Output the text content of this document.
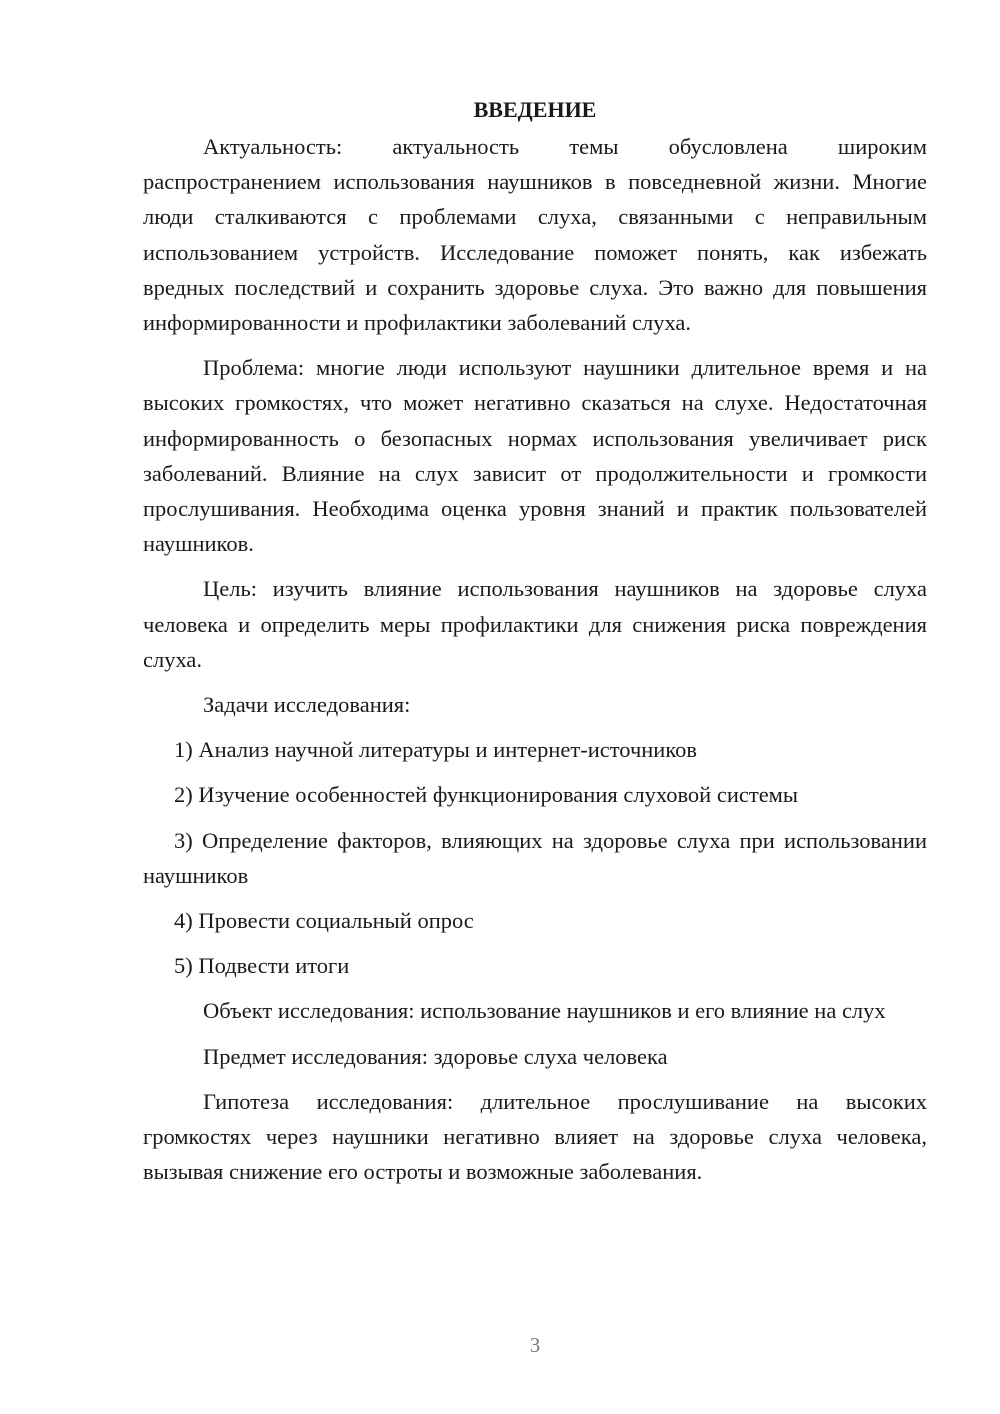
ВВЕДЕНИЕ

Актуальность: актуальность темы обусловлена широким распространением использования наушников в повседневной жизни. Многие люди сталкиваются с проблемами слуха, связанными с неправильным использованием устройств. Исследование поможет понять, как избежать вредных последствий и сохранить здоровье слуха. Это важно для повышения информированности и профилактики заболеваний слуха.

Проблема: многие люди используют наушники длительное время и на высоких громкостях, что может негативно сказаться на слухе. Недостаточная информированность о безопасных нормах использования увеличивает риск заболеваний. Влияние на слух зависит от продолжительности и громкости прослушивания. Необходима оценка уровня знаний и практик пользователей наушников.

Цель: изучить влияние использования наушников на здоровье слуха человека и определить меры профилактики для снижения риска повреждения слуха.

Задачи исследования:

1) Анализ научной литературы и интернет-источников

2) Изучение особенностей функционирования слуховой системы

3) Определение факторов, влияющих на здоровье слуха при использовании наушников

4) Провести социальный опрос

5) Подвести итоги

Объект исследования: использование наушников и его влияние на слух

Предмет исследования: здоровье слуха человека

Гипотеза исследования: длительное прослушивание на высоких громкостях через наушники негативно влияет на здоровье слуха человека, вызывая снижение его остроты и возможные заболевания.

3
